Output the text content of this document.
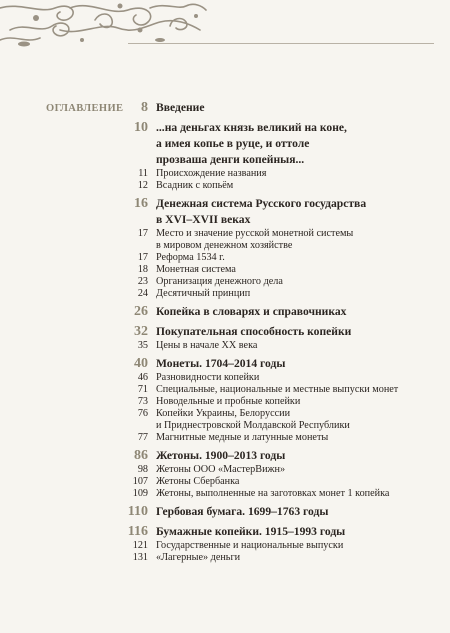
ОГЛАВЛЕНИЕ	8 Введение
10 ...на деньгах князь великий на коне,
а имея копье в руце, и оттоле
прозваша денги копейныя...
11 Происхождение названия
12 Всадник с копьём
16 Денежная система Русского государства
в XVI–XVII веках
17 Место и значение русской монетной системы
в мировом денежном хозяйстве
17 Реформа 1534 г.
18 Монетная система
23 Организация денежного дела
24 Десятичный принцип
26 Копейка в словарях и справочниках
32 Покупательная способность копейки
35 Цены в начале XX века
40 Монеты. 1704–2014 годы
46 Разновидности копейки
71 Специальные, национальные и местные выпуски монет
73 Новодельные и пробные копейки
76 Копейки Украины, Белоруссии
и Приднестровской Молдавской Республики
77 Магнитные медные и латунные монеты
86 Жетоны. 1900–2013 годы
98 Жетоны ООО «МастерВижн»
107 Жетоны Сбербанка
109 Жетоны, выполненные на заготовках монет 1 копейка
110 Гербовая бумага. 1699–1763 годы
116 Бумажные копейки. 1915–1993 годы
121 Государственные и национальные выпуски
131 «Лагерные» деньги
